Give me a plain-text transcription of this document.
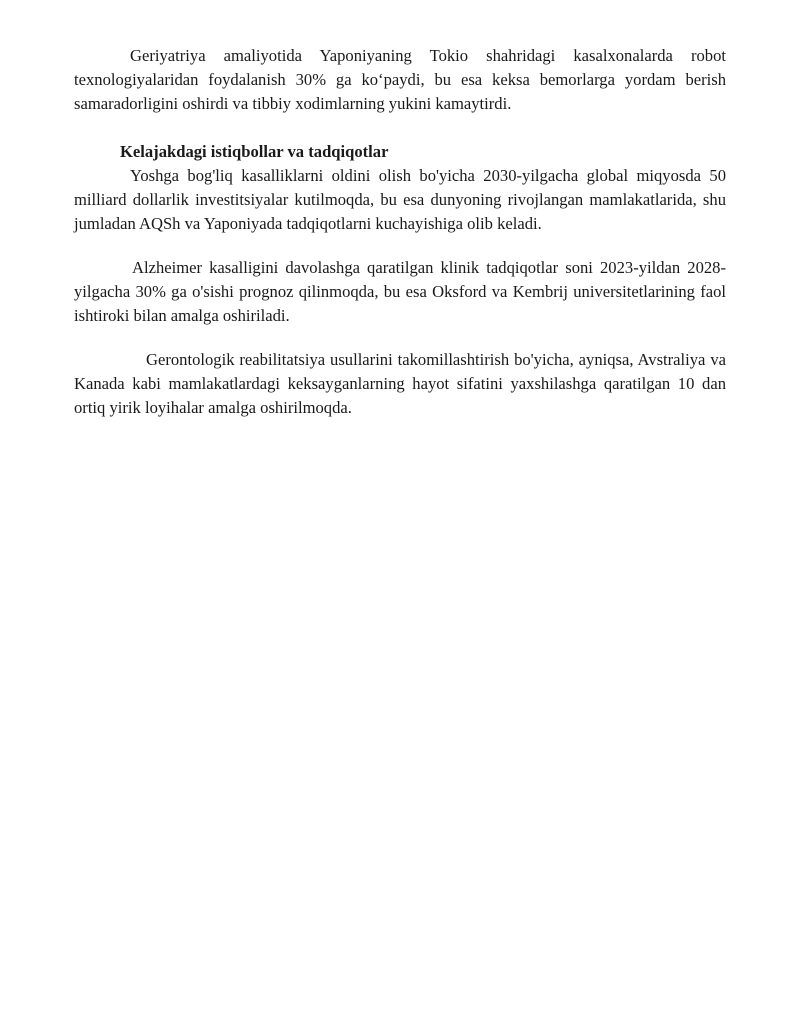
Geriyatriya amaliyotida Yaponiyaning Tokio shahridagi kasalxonalarda robot texnologiyalaridan foydalanish 30% ga ko‘paydi, bu esa keksa bemorlarga yordam berish samaradorligini oshirdi va tibbiy xodimlarning yukini kamaytirdi.

Kelajakdagi istiqbollar va tadqiqotlar

Yoshga bog'liq kasalliklarni oldini olish bo'yicha 2030-yilgacha global miqyosda 50 milliard dollarlik investitsiyalar kutilmoqda, bu esa dunyoning rivojlangan mamlakatlarida, shu jumladan AQSh va Yaponiyada tadqiqotlarni kuchayishiga olib keladi.

Alzheimer kasalligini davolashga qaratilgan klinik tadqiqotlar soni 2023-yildan 2028-yilgacha 30% ga o'sishi prognoz qilinmoqda, bu esa Oksford va Kembrij universitetlarining faol ishtiroki bilan amalga oshiriladi.

Gerontologik reabilitatsiya usullarini takomillashtirish bo'yicha, ayniqsa, Avstraliya va Kanada kabi mamlakatlardagi keksayganlarning hayot sifatini yaxshilashga qaratilgan 10 dan ortiq yirik loyihalar amalga oshirilmoqda.
